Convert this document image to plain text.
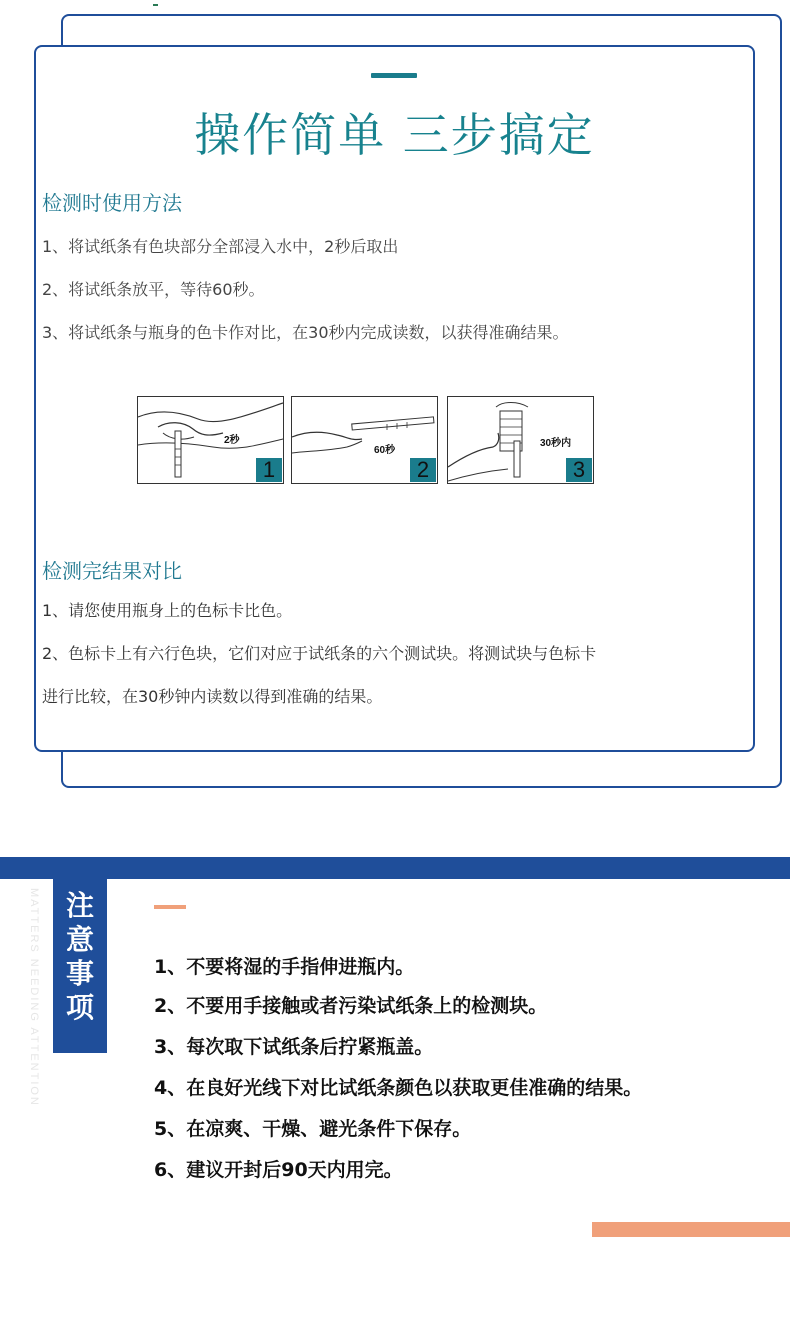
操作简单 三步搞定
检测时使用方法
1、将试纸条有色块部分全部浸入水中，2秒后取出
2、将试纸条放平，等待60秒。
3、将试纸条与瓶身的色卡作对比，在30秒内完成读数，以获得准确结果。
2秒
1
60秒
2
30秒内
3
检测完结果对比
1、请您使用瓶身上的色标卡比色。
2、色标卡上有六行色块，它们对应于试纸条的六个测试块。将测试块与色标卡
进行比较，在30秒钟内读数以得到准确的结果。
MATTERS NEEDING ATTENTION 注意事项
1、不要将湿的手指伸进瓶内。
2、不要用手接触或者污染试纸条上的检测块。
3、每次取下试纸条后拧紧瓶盖。
4、在良好光线下对比试纸条颜色以获取更佳准确的结果。
5、在凉爽、干燥、避光条件下保存。
6、建议开封后90天内用完。
